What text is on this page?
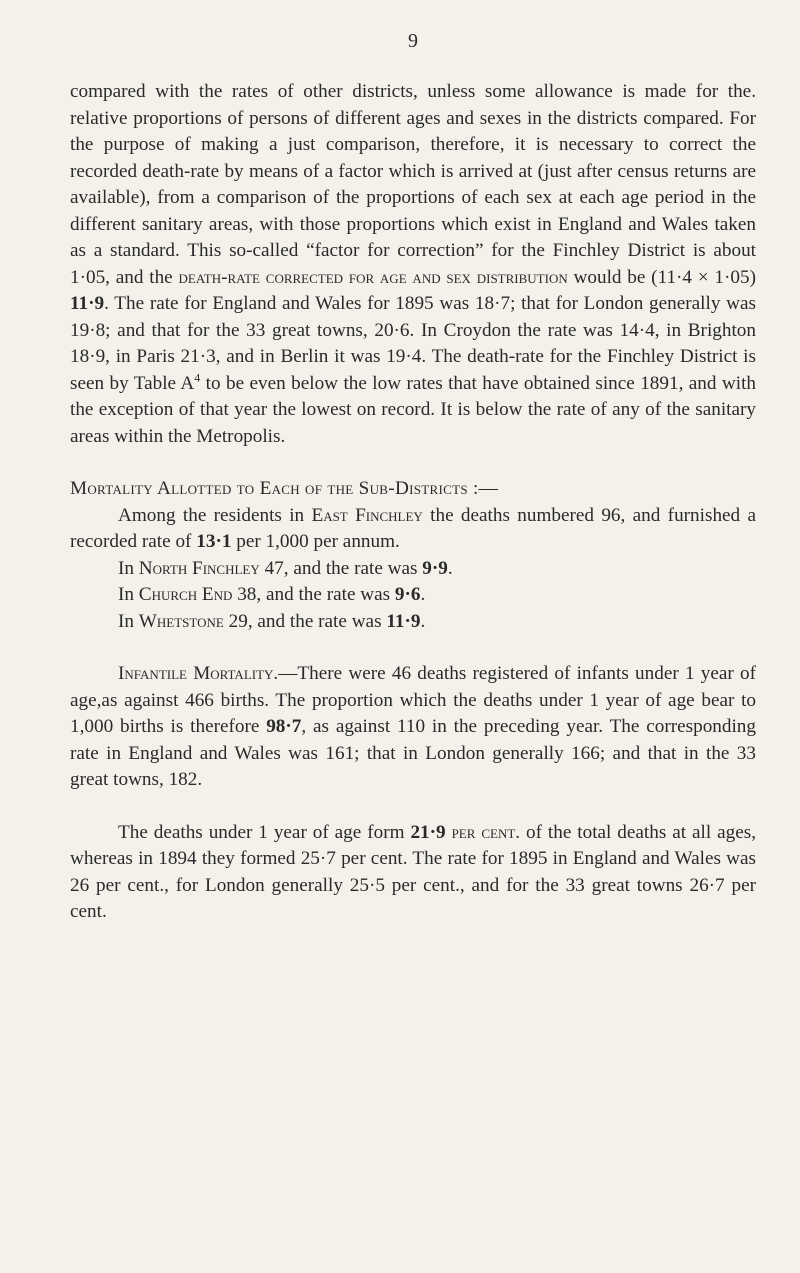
9

compared with the rates of other districts, unless some allowance is made for the. relative proportions of persons of different ages and sexes in the districts compared. For the purpose of making a just comparison, therefore, it is necessary to correct the recorded death-rate by means of a factor which is arrived at (just after census returns are available), from a comparison of the proportions of each sex at each age period in the different sanitary areas, with those proportions which exist in England and Wales taken as a standard. This so-called “factor for correction” for the Finchley District is about 1·05, and the death-rate corrected for age and sex distribution would be (11·4 × 1·05) 11·9. The rate for England and Wales for 1895 was 18·7; that for London generally was 19·8; and that for the 33 great towns, 20·6. In Croydon the rate was 14·4, in Brighton 18·9, in Paris 21·3, and in Berlin it was 19·4. The death-rate for the Finchley District is seen by Table $A^4$ to be even below the low rates that have obtained since 1891, and with the exception of that year the lowest on record. It is below the rate of any of the sanitary areas within the Metropolis.

Mortality Allotted to Each of the Sub-Districts :—

Among the residents in East Finchley the deaths numbered 96, and furnished a recorded rate of 13·1 per 1,000 per annum.

In North Finchley 47, and the rate was 9·9.

In Church End 38, and the rate was 9·6.

In Whetstone 29, and the rate was 11·9.

Infantile Mortality.—There were 46 deaths registered of infants under 1 year of age,as against 466 births. The proportion which the deaths under 1 year of age bear to 1,000 births is therefore 98·7, as against 110 in the preceding year. The corresponding rate in England and Wales was 161; that in London generally 166; and that in the 33 great towns, 182.

The deaths under 1 year of age form 21·9 per cent. of the total deaths at all ages, whereas in 1894 they formed 25·7 per cent. The rate for 1895 in England and Wales was 26 per cent., for London generally 25·5 per cent., and for the 33 great towns 26·7 per cent.
